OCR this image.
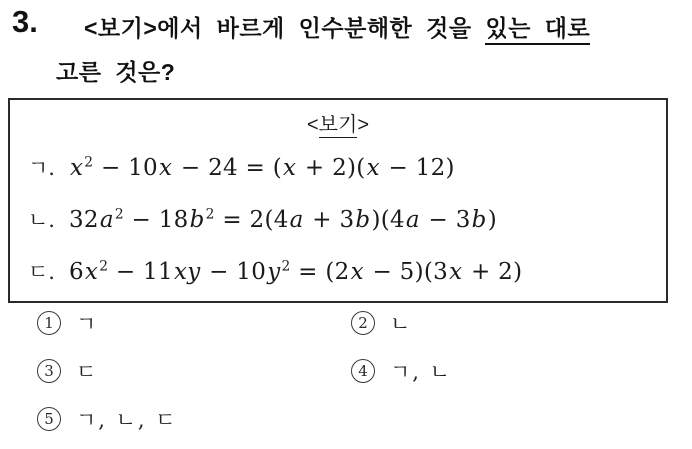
3. <보기>에서 바르게 인수분해한 것을 있는 대로
고른 것은?
<보기>
ㄱ. $x^2 - 10x - 24 = (x + 2)(x - 12)$
ㄴ. $32a^2 - 18b^2 = 2(4a + 3b)(4a - 3b)$
ㄷ. $6x^2 - 11xy - 10y^2 = (2x - 5)(3x + 2)$
1	ㄱ	2	ㄴ
3	ㄷ	4	ㄱ, ㄴ
5	ㄱ, ㄴ, ㄷ
